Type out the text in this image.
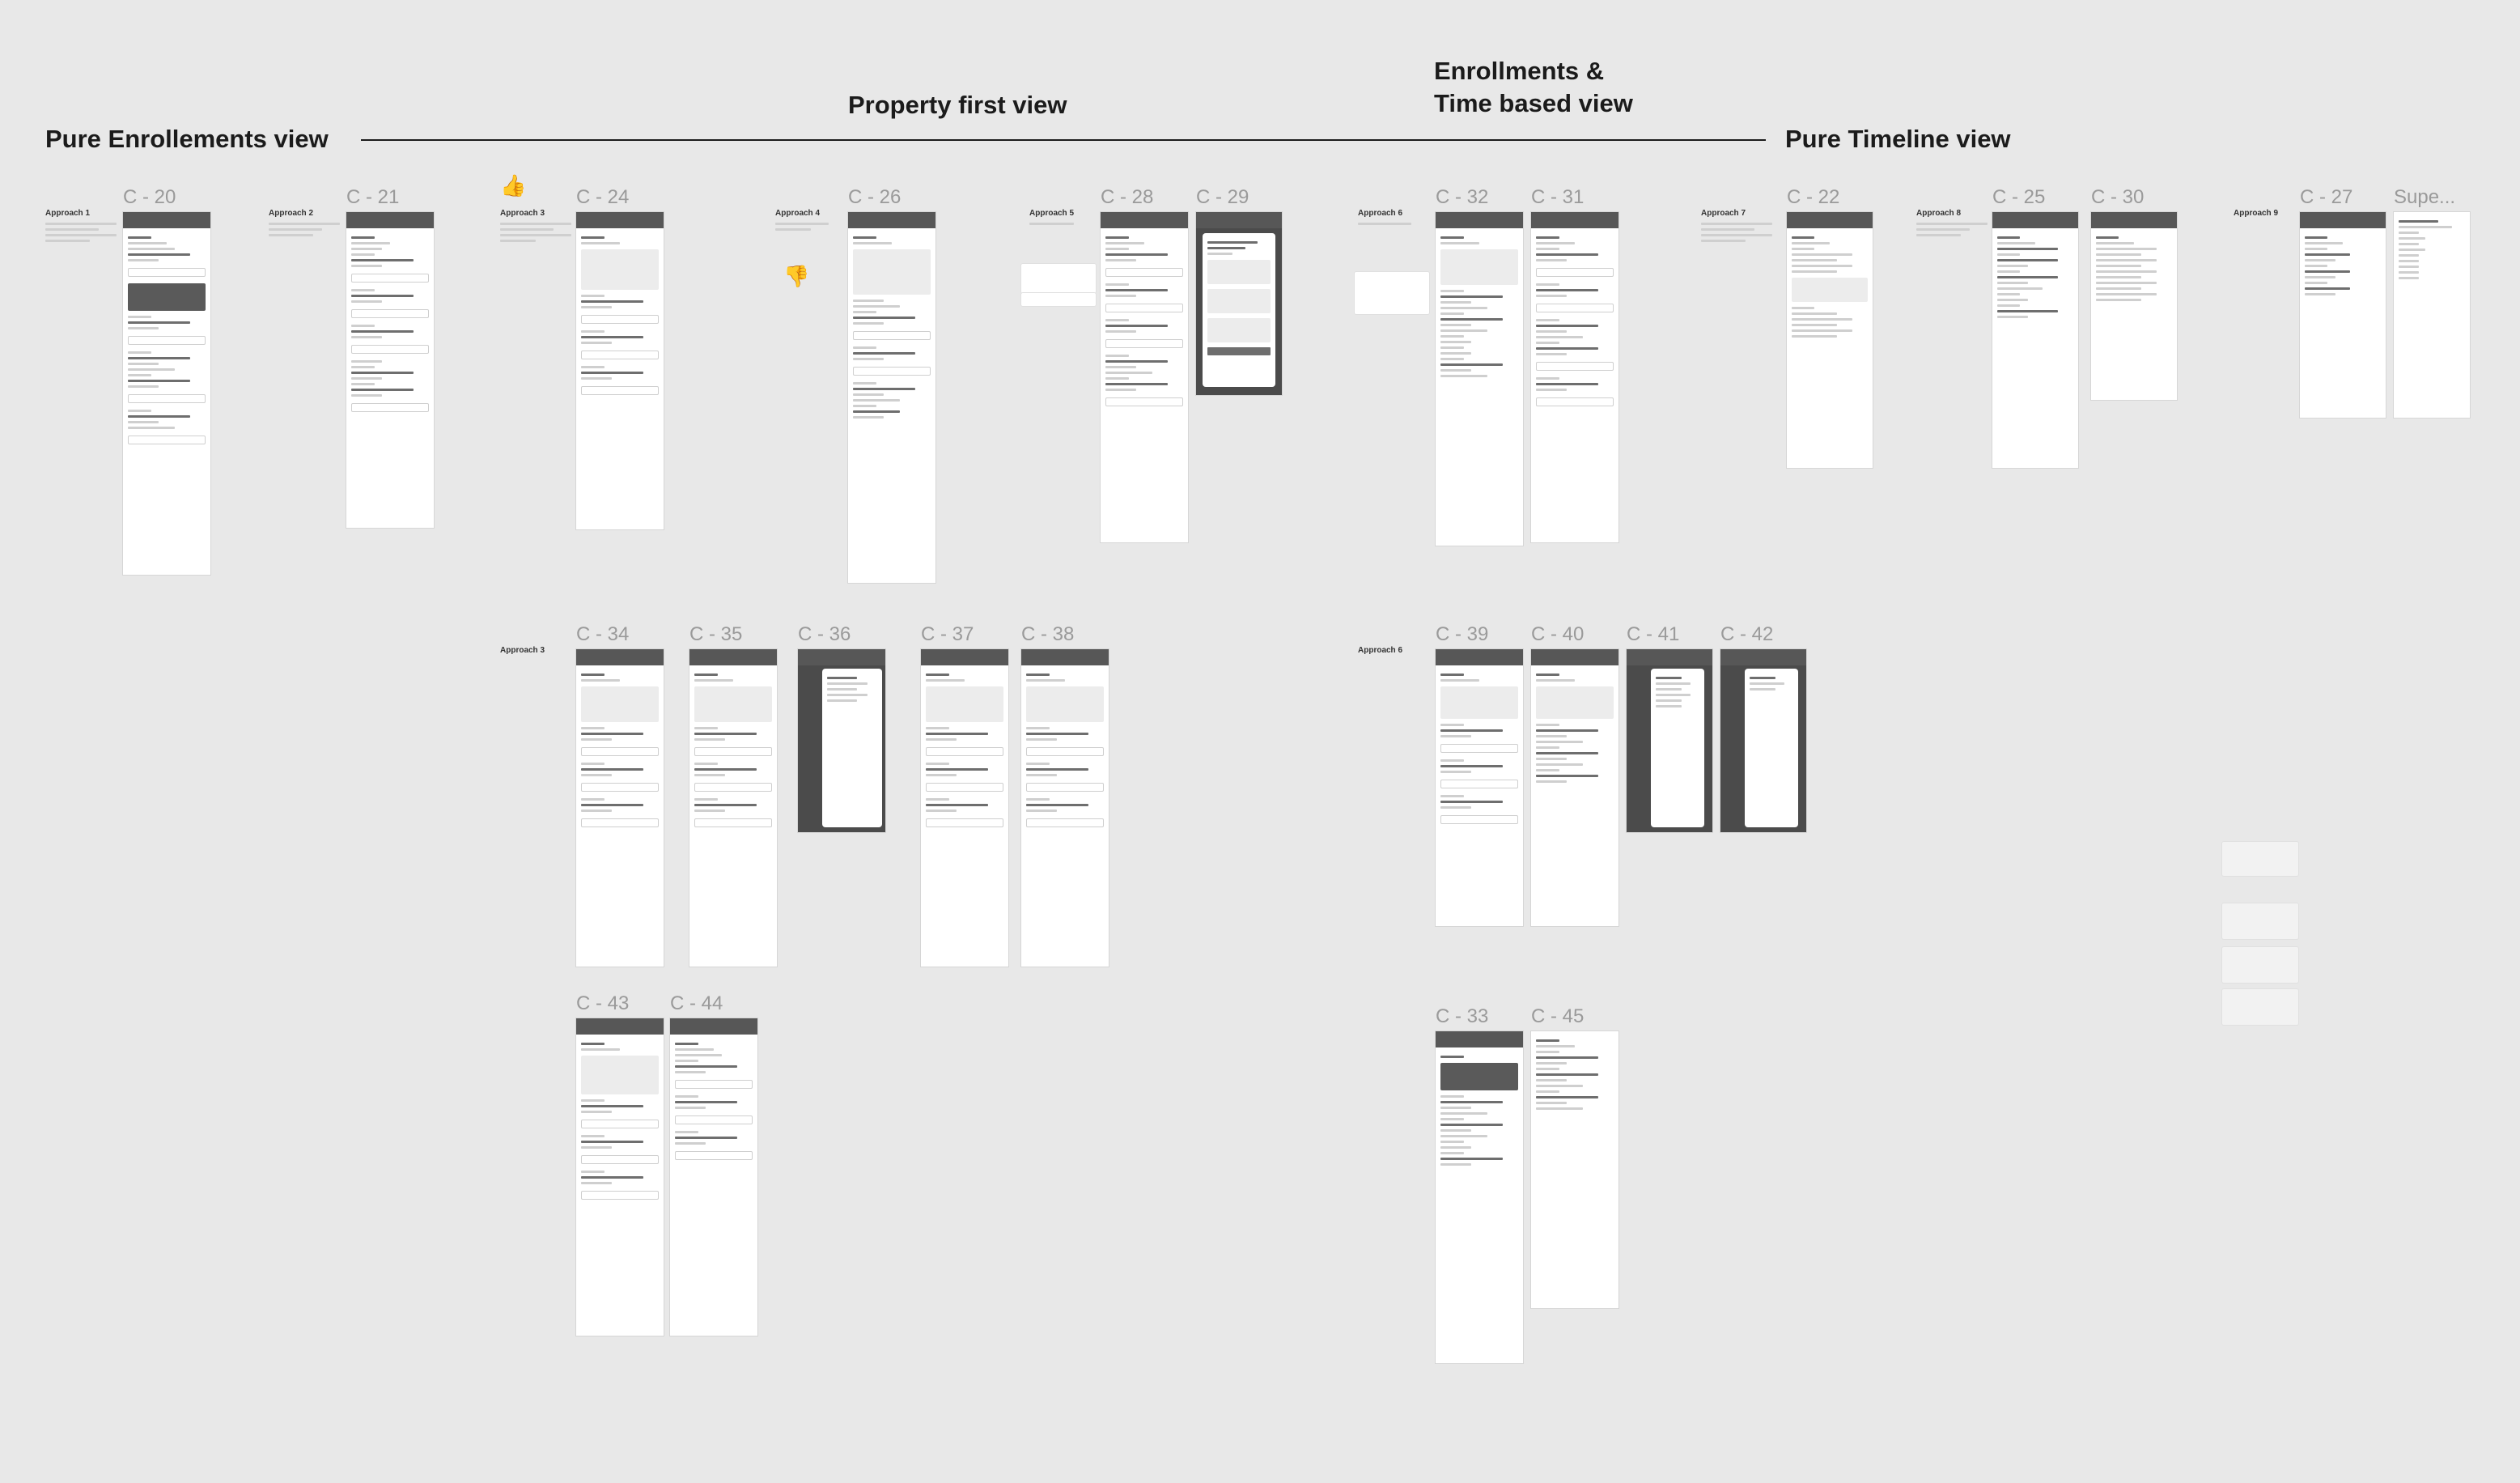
Pure Enrollements view
Property first view
Enrollments &
Time based view
Pure Timeline view
Approach 1	Approach 2
👍
Approach 3	Approach 4
👎
Approach 5	Approach 6	Approach 7	Approach 8	Approach 9
Approach 3	Approach 6
C - 20	C - 21	C - 24	C - 26	C - 28 C - 29	C - 32 C - 31	C - 22	C - 25 C - 30	C - 27 Supe...
C - 34	C - 35	C - 36	C - 37 C - 38	C - 39 C - 40 C - 41 C - 42
C - 43 C - 44
C - 33 C - 45
